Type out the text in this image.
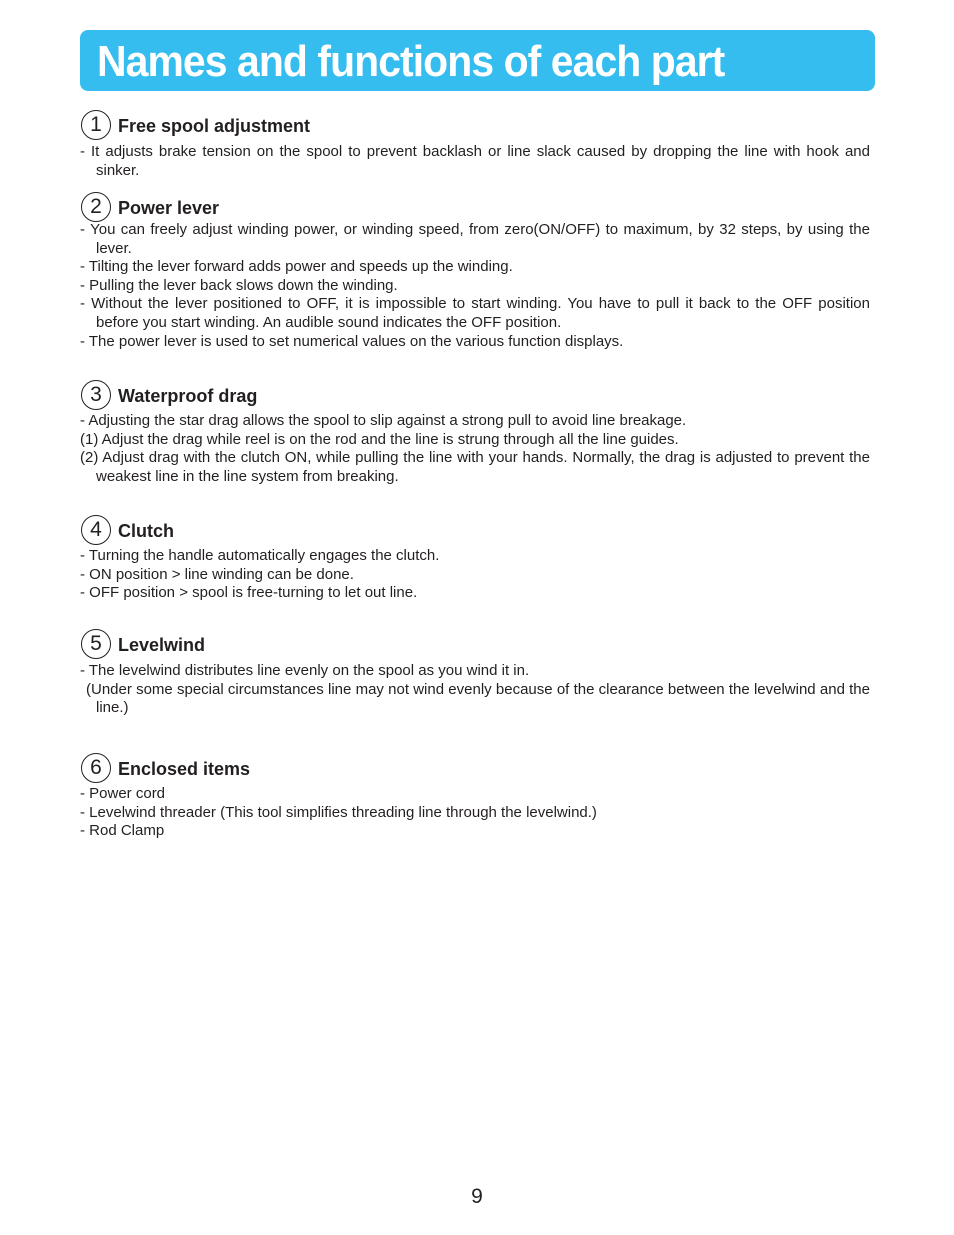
Names and functions of each part
1 Free spool adjustment
- It adjusts brake tension on the spool to prevent backlash or line slack caused by dropping the line with hook and sinker.
2 Power lever
- You can freely adjust winding power, or winding speed, from zero(ON/OFF) to maximum, by 32 steps, by using the lever.
- Tilting the lever forward adds power and speeds up the winding.
- Pulling the lever back slows down the winding.
- Without the lever positioned to OFF, it is impossible to start winding. You have to pull it back to the OFF position before you start winding. An audible sound indicates the OFF position.
- The power lever is used to set numerical values on the various function displays.
3 Waterproof drag
- Adjusting the star drag allows the spool to slip against a strong pull to avoid line breakage.
(1) Adjust the drag while reel is on the rod and the line is strung through all the line guides.
(2) Adjust drag with the clutch ON, while pulling the line with your hands. Normally, the drag is adjusted to prevent the weakest line in the line system from breaking.
4 Clutch
- Turning the handle automatically engages the clutch.
- ON position > line winding can be done.
- OFF position > spool is free-turning to let out line.
5 Levelwind
- The levelwind distributes line evenly on the spool as you wind it in.
(Under some special circumstances line may not wind evenly because of the clearance between the levelwind and the line.)
6 Enclosed items
- Power cord
- Levelwind threader (This tool simplifies threading line through the levelwind.)
- Rod Clamp
9
